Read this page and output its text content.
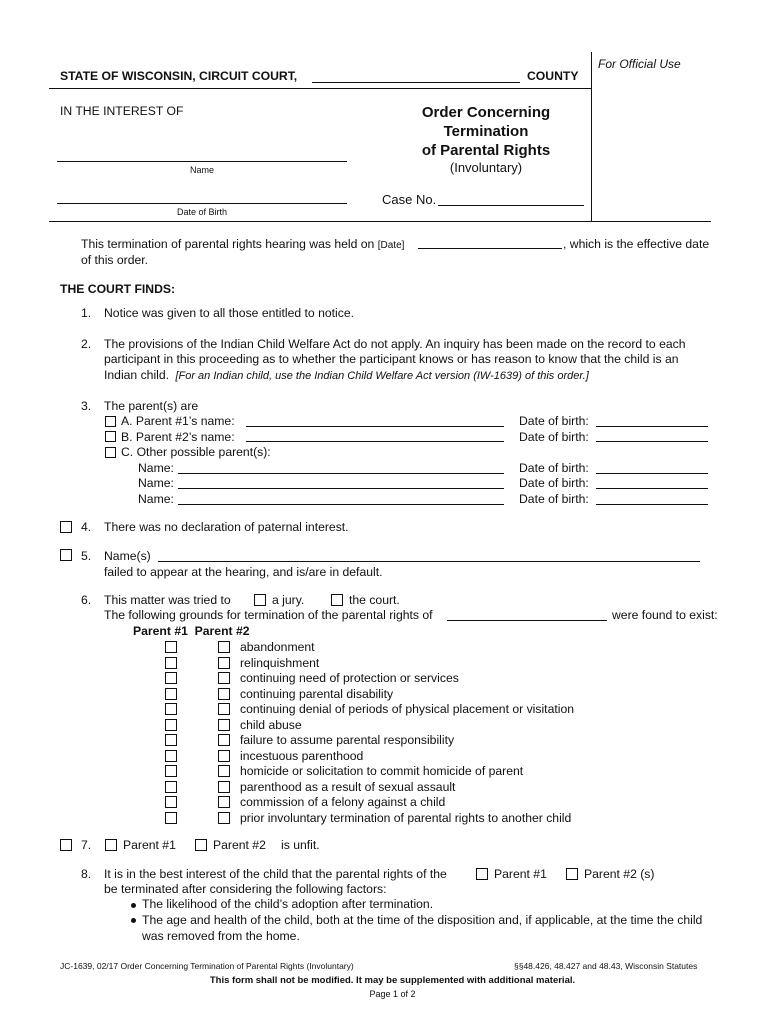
For Official Use
STATE OF WISCONSIN, CIRCUIT COURT,	COUNTY
IN THE INTEREST OF
Name
Date of Birth
Order Concerning
Termination
of Parental Rights
(Involuntary)
Case No.
This termination of parental rights hearing was held on [Date]	, which is the effective date
of this order.
THE COURT FINDS:
1. Notice was given to all those entitled to notice.
2. The provisions of the Indian Child Welfare Act do not apply. An inquiry has been made on the record to each
participant in this proceeding as to whether the participant knows or has reason to know that the child is an
Indian child. [For an Indian child, use the Indian Child Welfare Act version (IW-1639) of this order.]
3. The parent(s) are
A. Parent #1’s name:	Date of birth:
B. Parent #2’s name:	Date of birth:
C. Other possible parent(s):
Name:	Date of birth:
Name:	Date of birth:
Name:	Date of birth:
4. There was no declaration of paternal interest.
5. Name(s)
failed to appear at the hearing, and is/are in default.
6. This matter was tried to	a jury.	the court.
The following grounds for termination of the parental rights of	were found to exist:
Parent #1  Parent #2
abandonment
relinquishment
continuing need of protection or services
continuing parental disability
continuing denial of periods of physical placement or visitation
child abuse
failure to assume parental responsibility
incestuous parenthood
homicide or solicitation to commit homicide of parent
parenthood as a result of sexual assault
commission of a felony against a child
prior involuntary termination of parental rights to another child
7.	Parent #1	Parent #2 is unfit.
8. It is in the best interest of the child that the parental rights of the	Parent #1	Parent #2 (s)
be terminated after considering the following factors:
The likelihood of the child’s adoption after termination.
The age and health of the child, both at the time of the disposition and, if applicable, at the time the child
was removed from the home.
JC-1639, 02/17 Order Concerning Termination of Parental Rights (Involuntary)	§§48.426, 48.427 and 48.43, Wisconsin Statutes
This form shall not be modified. It may be supplemented with additional material.
Page 1 of 2
